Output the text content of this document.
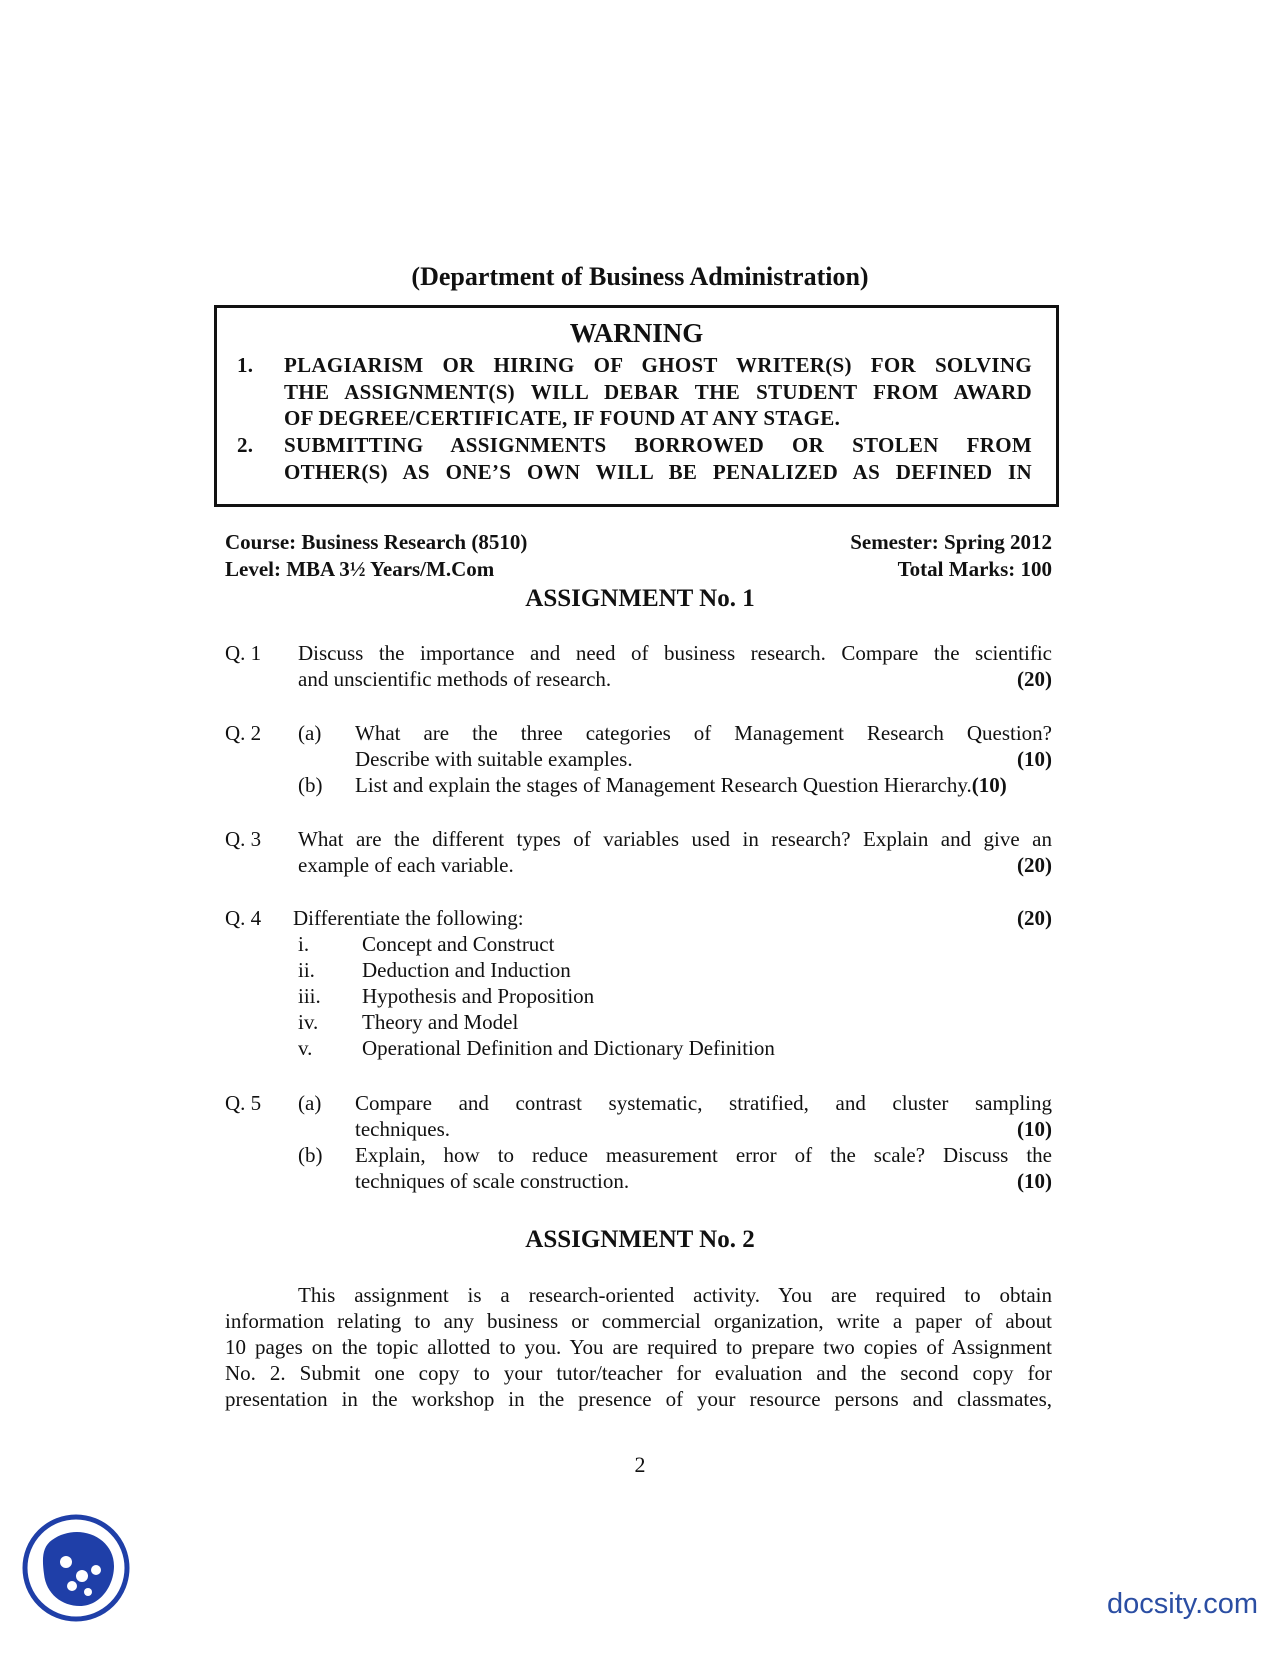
(Department of Business Administration)
WARNING
1. PLAGIARISM OR HIRING OF GHOST WRITER(S) FOR SOLVING
THE ASSIGNMENT(S) WILL DEBAR THE STUDENT FROM AWARD
OF DEGREE/CERTIFICATE, IF FOUND AT ANY STAGE.
2. SUBMITTING ASSIGNMENTS BORROWED OR STOLEN FROM
OTHER(S) AS ONE’S OWN WILL BE PENALIZED AS DEFINED IN
Course: Business Research (8510)	Semester: Spring 2012
Level: MBA 3½ Years/M.Com	Total Marks: 100
ASSIGNMENT No. 1
Q. 1 Discuss the importance and need of business research. Compare the scientific
and unscientific methods of research.	(20)
Q. 2 (a) What are the three categories of Management Research Question?
Describe with suitable examples.	(10)
(b) List and explain the stages of Management Research Question Hierarchy.(10)
Q. 3 What are the different types of variables used in research? Explain and give an
example of each variable.	(20)
Q. 4 Differentiate the following:	(20)
i.	Concept and Construct
ii. Deduction and Induction
iii. Hypothesis and Proposition
iv. Theory and Model
v. Operational Definition and Dictionary Definition
Q. 5 (a) Compare and contrast systematic, stratified, and cluster sampling
techniques.	(10)
(b) Explain, how to reduce measurement error of the scale? Discuss the
techniques of scale construction.	(10)
ASSIGNMENT No. 2
This assignment is a research-oriented activity. You are required to obtain
information relating to any business or commercial organization, write a paper of about
10 pages on the topic allotted to you. You are required to prepare two copies of Assignment
No. 2. Submit one copy to your tutor/teacher for evaluation and the second copy for
presentation in the workshop in the presence of your resource persons and classmates,
2
docsity.com
